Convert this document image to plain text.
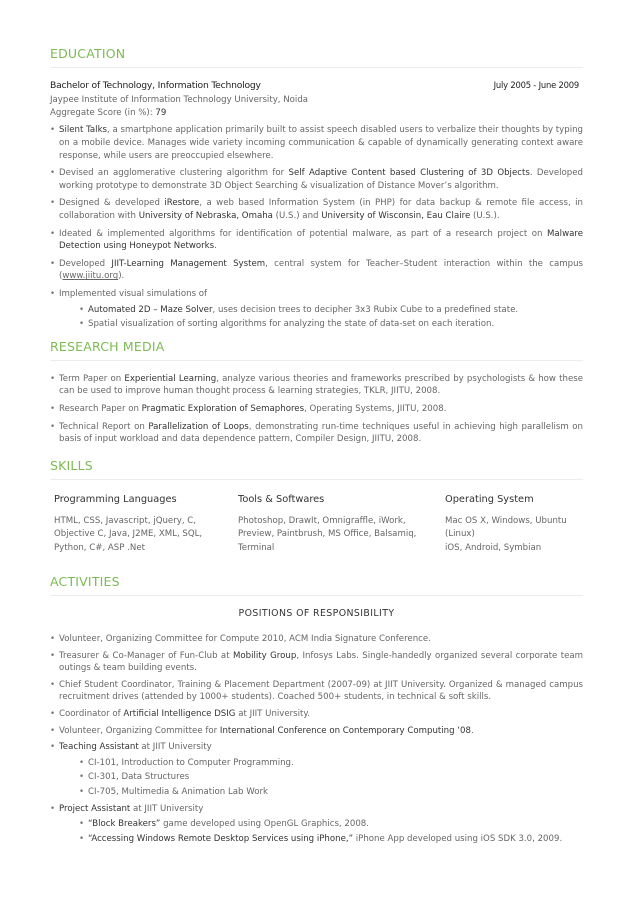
EDUCATION
Bachelor of Technology, Information Technology	July 2005 - June 2009
Jaypee Institute of Information Technology University, Noida
Aggregate Score (in %): 79
• Silent Talks, a smartphone application primarily built to assist speech disabled users to verbalize their thoughts by typing on a mobile device. Manages wide variety incoming communication & capable of dynamically generating context aware response, while users are preoccupied elsewhere.
• Devised an agglomerative clustering algorithm for Self Adaptive Content based Clustering of 3D Objects. Developed working prototype to demonstrate 3D Object Searching & visualization of Distance Mover’s algorithm.
• Designed & developed iRestore, a web based Information System (in PHP) for data backup & remote file access, in collaboration with University of Nebraska, Omaha (U.S.) and University of Wisconsin, Eau Claire (U.S.).
• Ideated & implemented algorithms for identification of potential malware, as part of a research project on Malware Detection using Honeypot Networks.
• Developed JIIT-Learning Management System, central system for Teacher–Student interaction within the campus (www.jiitu.org).
• Implemented visual simulations of
• Automated 2D – Maze Solver, uses decision trees to decipher 3x3 Rubix Cube to a predefined state.
• Spatial visualization of sorting algorithms for analyzing the state of data-set on each iteration.
RESEARCH MEDIA
• Term Paper on Experiential Learning, analyze various theories and frameworks prescribed by psychologists & how these can be used to improve human thought process & learning strategies, TKLR, JIITU, 2008.
• Research Paper on Pragmatic Exploration of Semaphores, Operating Systems, JIITU, 2008.
• Technical Report on Parallelization of Loops, demonstrating run-time techniques useful in achieving high parallelism on basis of input workload and data dependence pattern, Compiler Design, JIITU, 2008.
SKILLS
Programming Languages
HTML, CSS, Javascript, jQuery, C,
Objective C, Java, J2ME, XML, SQL,
Python, C#, ASP .Net
Tools & Softwares
Photoshop, DrawIt, Omnigraffle, iWork,
Preview, Paintbrush, MS Office, Balsamiq,
Terminal
Operating System
Mac OS X, Windows, Ubuntu
(Linux)
iOS, Android, Symbian
ACTIVITIES
POSITIONS OF RESPONSIBILITY
• Volunteer, Organizing Committee for Compute 2010, ACM India Signature Conference.
• Treasurer & Co-Manager of Fun-Club at Mobility Group, Infosys Labs. Single-handedly organized several corporate team outings & team building events.
• Chief Student Coordinator, Training & Placement Department (2007-09) at JIIT University. Organized & managed campus recruitment drives (attended by 1000+ students). Coached 500+ students, in technical & soft skills.
• Coordinator of Artificial Intelligence DSIG at JIIT University.
• Volunteer, Organizing Committee for International Conference on Contemporary Computing ‘08.
• Teaching Assistant at JIIT University
• CI-101, Introduction to Computer Programming.
• CI-301, Data Structures
• CI-705, Multimedia & Animation Lab Work
• Project Assistant at JIIT University
• “Block Breakers” game developed using OpenGL Graphics, 2008.
• “Accessing Windows Remote Desktop Services using iPhone,” iPhone App developed using iOS SDK 3.0, 2009.
